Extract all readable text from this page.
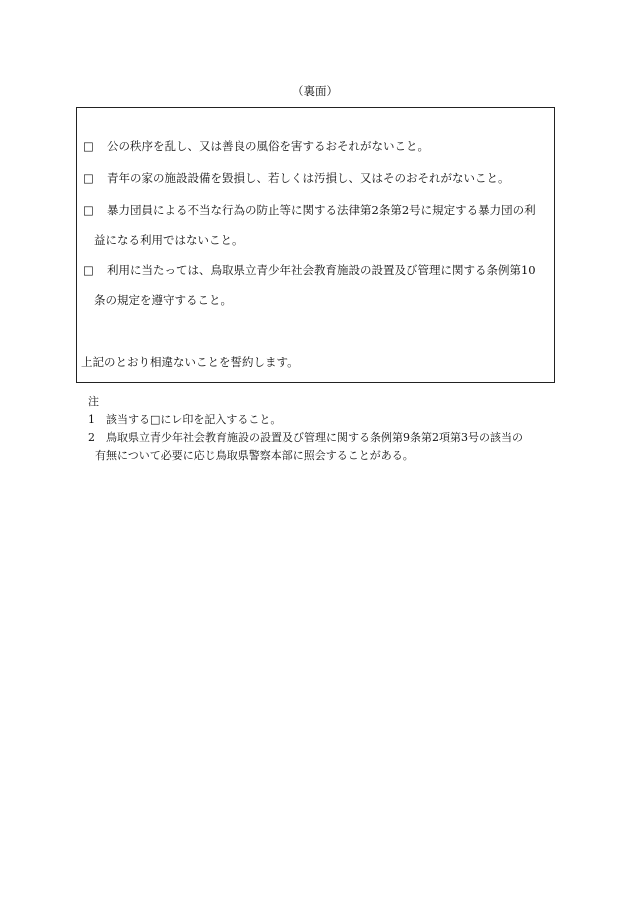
（裏面）
□ 公の秩序を乱し、又は善良の風俗を害するおそれがないこと。
□ 青年の家の施設設備を毀損し、若しくは汚損し、又はそのおそれがないこと。
□ 暴力団員による不当な行為の防止等に関する法律第2条第2号に規定する暴力団の利
益になる利用ではないこと。
□ 利用に当たっては、鳥取県立青少年社会教育施設の設置及び管理に関する条例第10
条の規定を遵守すること。
上記のとおり相違ないことを誓約します。
注
1 該当する□にレ印を記入すること。
2 鳥取県立青少年社会教育施設の設置及び管理に関する条例第9条第2項第3号の該当の
有無について必要に応じ鳥取県警察本部に照会することがある。
